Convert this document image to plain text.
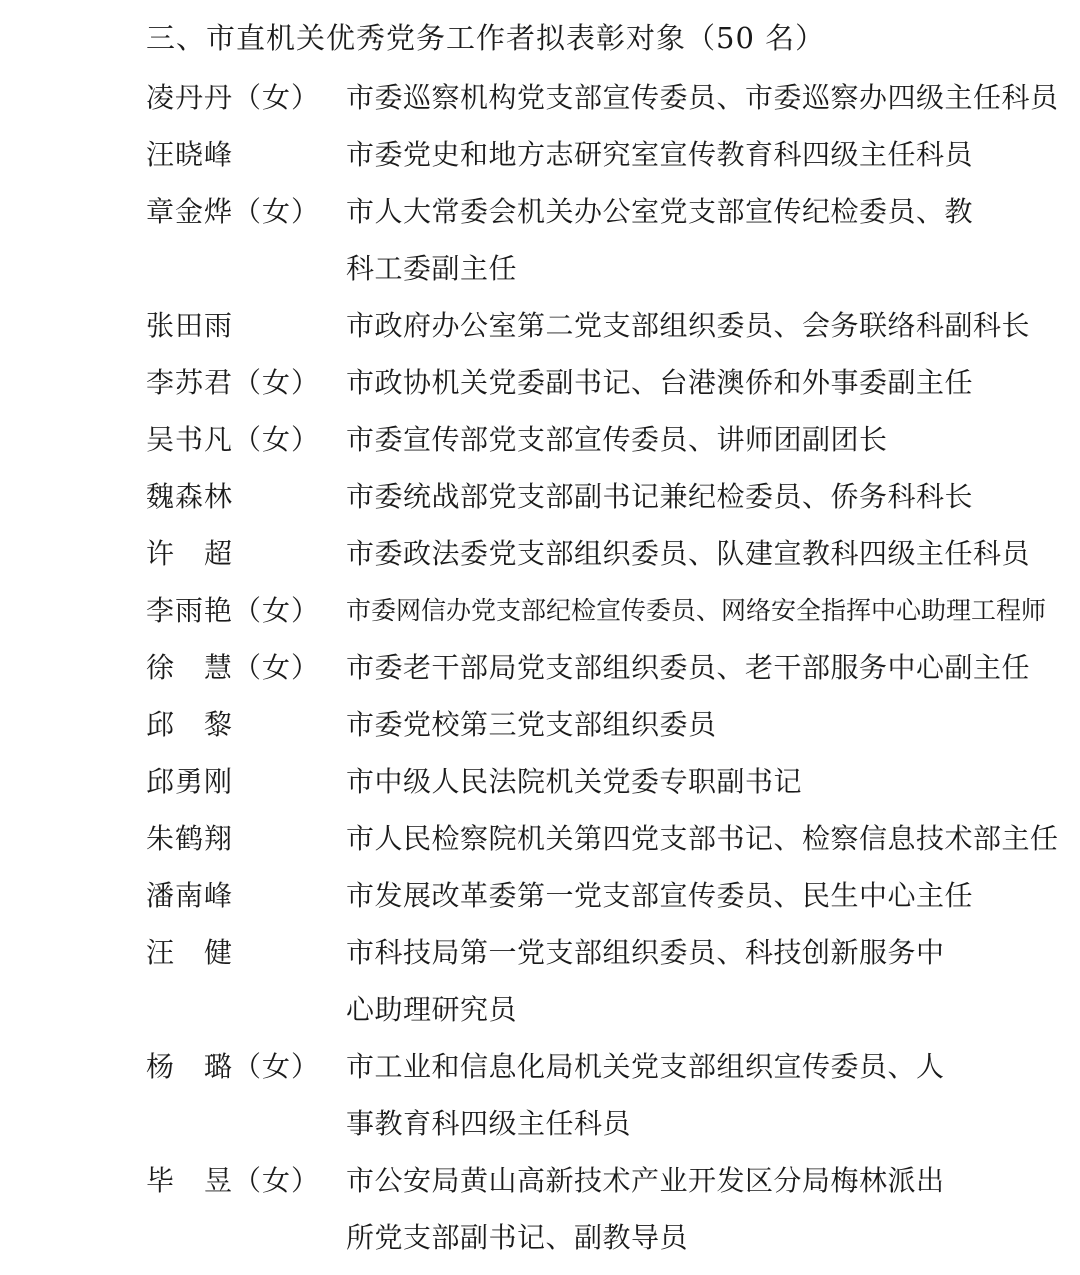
三、市直机关优秀党务工作者拟表彰对象（50 名）
凌丹丹（女） 市委巡察机构党支部宣传委员、市委巡察办四级主任科员
汪晓峰	市委党史和地方志研究室宣传教育科四级主任科员
章金烨（女） 市人大常委会机关办公室党支部宣传纪检委员、教
科工委副主任
张田雨	市政府办公室第二党支部组织委员、会务联络科副科长
李苏君（女） 市政协机关党委副书记、台港澳侨和外事委副主任
吴书凡（女） 市委宣传部党支部宣传委员、讲师团副团长
魏森林	市委统战部党支部副书记兼纪检委员、侨务科科长
许　超	市委政法委党支部组织委员、队建宣教科四级主任科员
李雨艳（女） 市委网信办党支部纪检宣传委员、网络安全指挥中心助理工程师
徐　慧（女） 市委老干部局党支部组织委员、老干部服务中心副主任
邱　黎	市委党校第三党支部组织委员
邱勇刚	市中级人民法院机关党委专职副书记
朱鹤翔	市人民检察院机关第四党支部书记、检察信息技术部主任
潘南峰	市发展改革委第一党支部宣传委员、民生中心主任
汪　健	市科技局第一党支部组织委员、科技创新服务中
心助理研究员
杨　璐（女） 市工业和信息化局机关党支部组织宣传委员、人
事教育科四级主任科员
毕　昱（女） 市公安局黄山高新技术产业开发区分局梅林派出
所党支部副书记、副教导员
